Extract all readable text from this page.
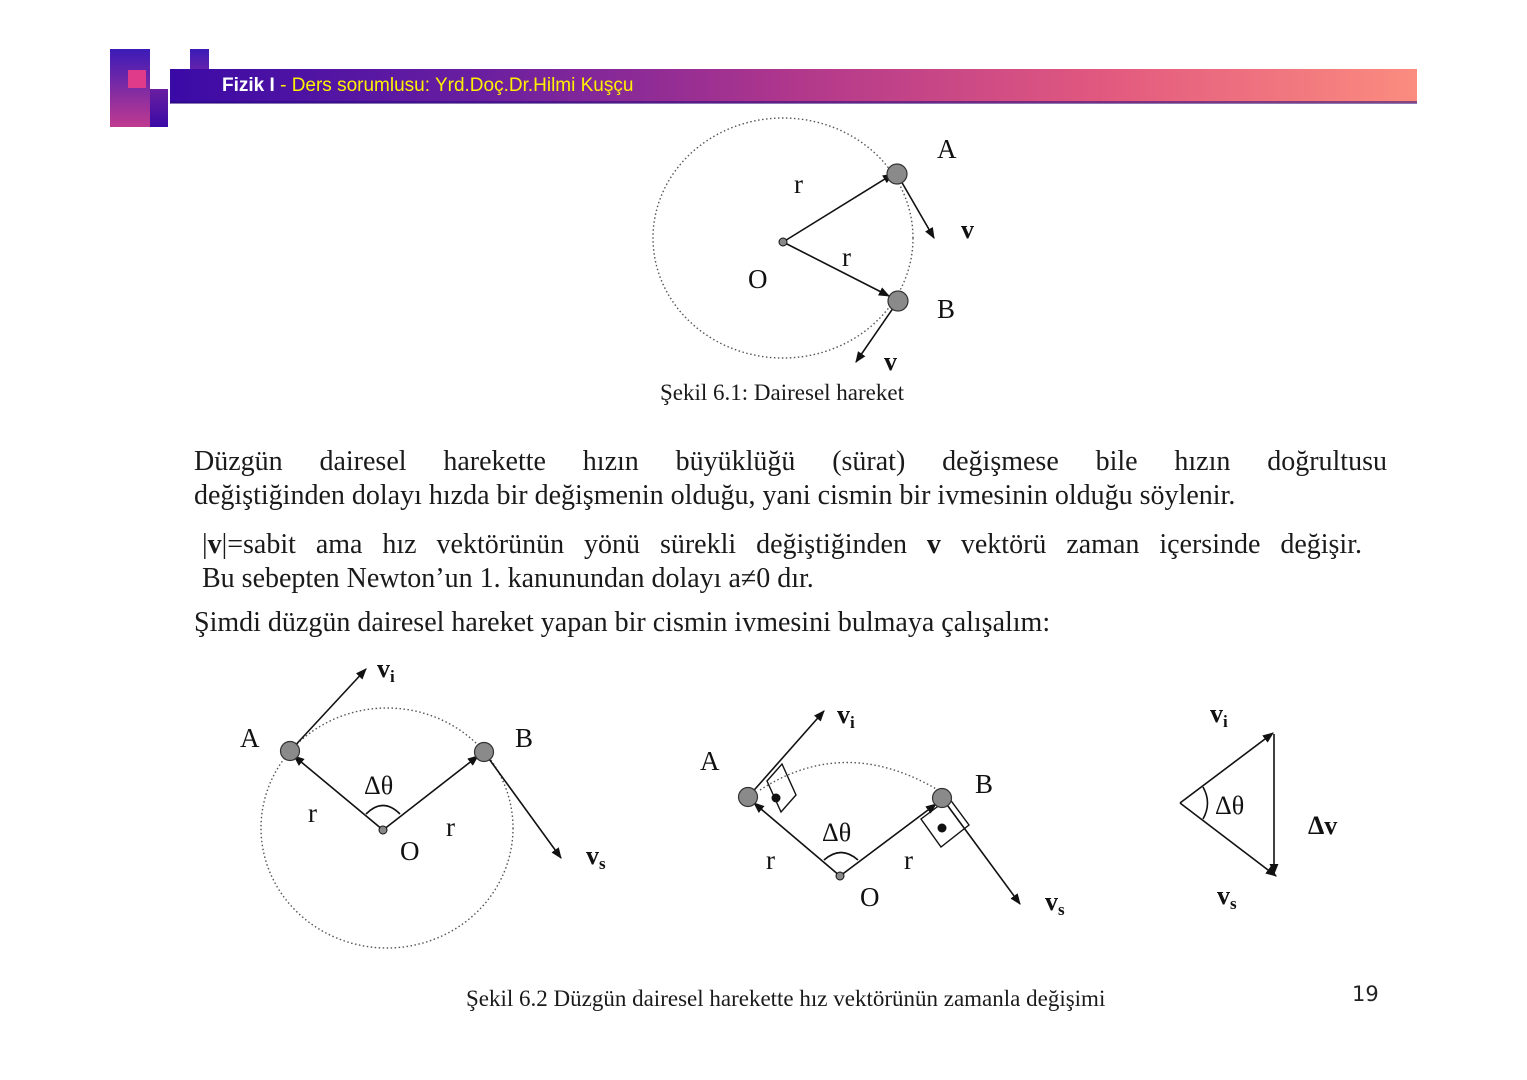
Fizik I - Ders sorumlusu: Yrd.Doç.Dr.Hilmi Kuşçu
A
B
O
r
r
v
v
Şekil 6.1: Dairesel hareket
Düzgün dairesel harekette hızın büyüklüğü (sürat) değişmese bile hızın doğrultusu
değiştiğinden dolayı hızda bir değişmenin olduğu, yani cismin bir ivmesinin olduğu söylenir.
|v|=sabit ama hız vektörünün yönü sürekli değiştiğinden v vektörü zaman içersinde değişir.
Bu sebepten Newton’un 1. kanunundan dolayı a≠0 dır.
Şimdi düzgün dairesel hareket yapan bir cismin ivmesini bulmaya çalışalım:
A	B
O
r	r
Δθ
vi
vs
A
B
O
r	r
Δθ
vi
vs
Δθ
Δv
vi
vs
Şekil 6.2 Düzgün dairesel harekette hız vektörünün zamanla değişimi	19
